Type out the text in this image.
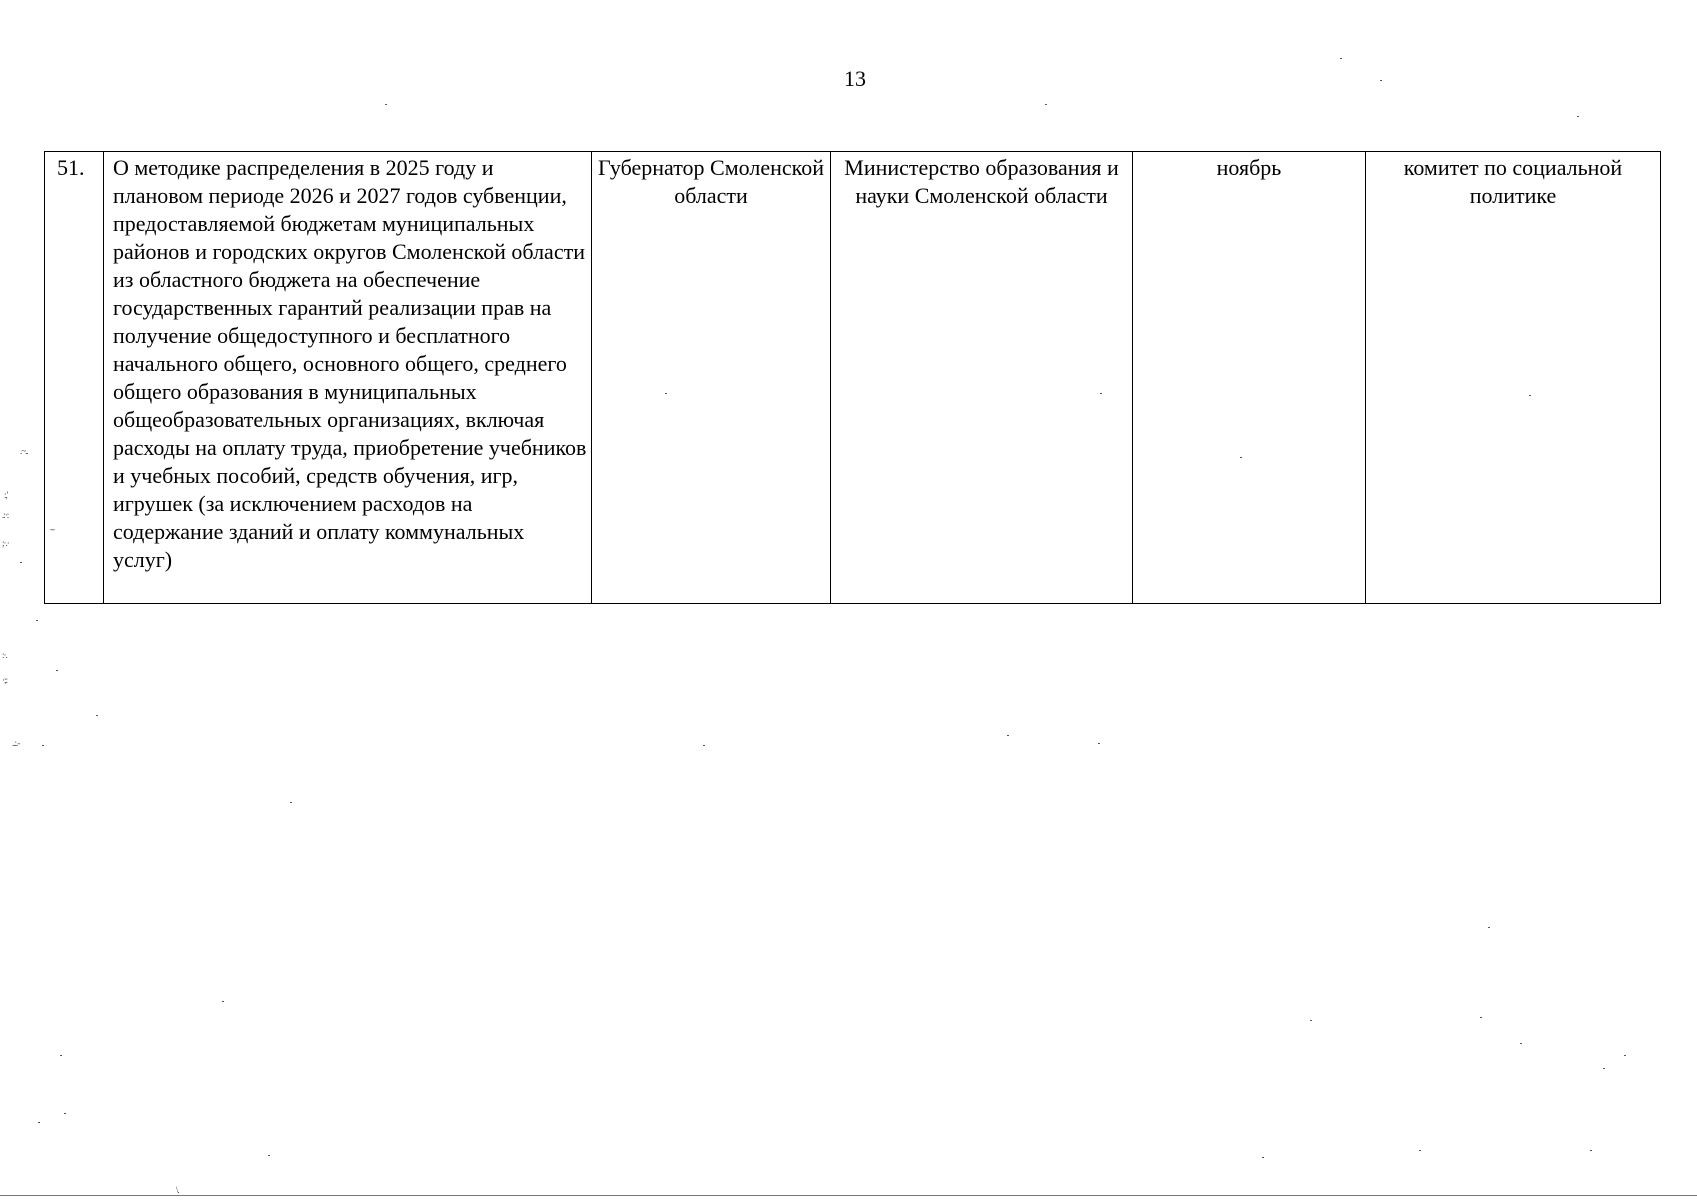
13
51.	О методике распределения в 2025 году и плановом периоде 2026 и 2027 годов субвенции, предоставляемой бюджетам муниципальных районов и городских округов Смоленской области из областного бюджета на обеспечение государственных гарантий реализации прав на получение общедоступного и бесплатного начального общего, основного общего, среднего общего образования в муниципальных общеобразовательных организациях, включая расходы на оплату труда, приобретение учебников и учебных пособий, средств обучения, игр, игрушек (за исключением расходов на содержание зданий и оплату коммунальных услуг)	Губернатор Смоленской области	Министерство образования и науки Смоленской области	ноябрь	комитет по социальной политике
.~..
:,'
.:·:
;·.·
--
:·.
·;:
..:.-
\.
